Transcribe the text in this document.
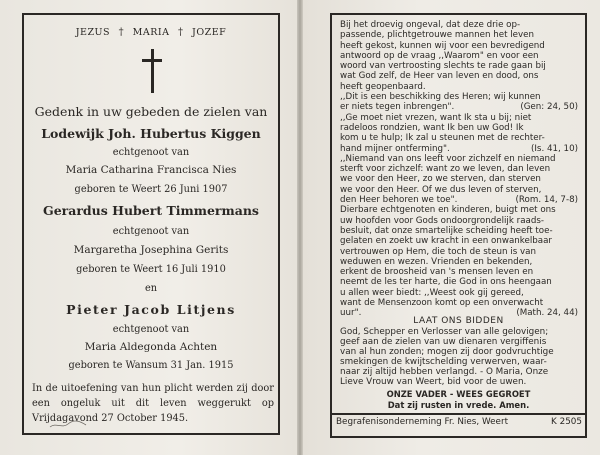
JEZUS † MARIA † JOZEF
Gedenk in uw gebeden de zielen van
Lodewijk Joh. Hubertus Kiggen
echtgenoot van
Maria Catharina Francisca Nies
geboren te Weert 26 Juni 1907
Gerardus Hubert Timmermans
echtgenoot van
Margaretha Josephina Gerits
geboren te Weert 16 Juli 1910
en
Pieter Jacob Litjens
echtgenoot van
Maria Aldegonda Achten
geboren te Wansum 31 Jan. 1915
In de uitoefening van hun plicht werden zij door een ongeluk uit dit leven weggerukt op Vrijdagavond 27 October 1945.
Bij het droevig ongeval, dat deze drie op-
passende, plichtgetrouwe mannen het leven
heeft gekost, kunnen wij voor een bevredigend
antwoord op de vraag ,,Waarom" en voor een
woord van vertroosting slechts te rade gaan bij
wat God zelf, de Heer van leven en dood, ons
heeft geopenbaard.
,,Dit is een beschikking des Heren; wij kunnen
er niets tegen inbrengen".	(Gen: 24, 50)
,,Ge moet niet vrezen, want Ik sta u bij; niet
radeloos rondzien, want Ik ben uw God! Ik
kom u te hulp; Ik zal u steunen met de rechter-
hand mijner ontferming".	(Is. 41, 10)
,,Niemand van ons leeft voor zichzelf en niemand
sterft voor zichzelf: want zo we leven, dan leven
we voor den Heer, zo we sterven, dan sterven
we voor den Heer. Of we dus leven of sterven,
den Heer behoren we toe".	(Rom. 14, 7-8)
Dierbare echtgenoten en kinderen, buigt met ons
uw hoofden voor Gods ondoorgrondelijk raads-
besluit, dat onze smartelijke scheiding heeft toe-
gelaten en zoekt uw kracht in een onwankelbaar
vertrouwen op Hem, die toch de steun is van
weduwen en wezen. Vrienden en bekenden,
erkent de broosheid van 's mensen leven en
neemt de les ter harte, die God in ons heengaan
u allen weer biedt: ,,Weest ook gij gereed,
want de Mensenzoon komt op een onverwacht
uur".	(Math. 24, 44)
LAAT ONS BIDDEN
God, Schepper en Verlosser van alle gelovigen;
geef aan de zielen van uw dienaren vergiffenis
van al hun zonden; mogen zij door godvruchtige
smekingen de kwijtschelding verwerven, waar-
naar zij altijd hebben verlangd. - O Maria, Onze
Lieve Vrouw van Weert, bid voor de uwen.
Begrafenisonderneming Fr. Nies, Weert	K 2505
ONZE VADER - WEES GEGROET
Dat zij rusten in vrede. Amen.
